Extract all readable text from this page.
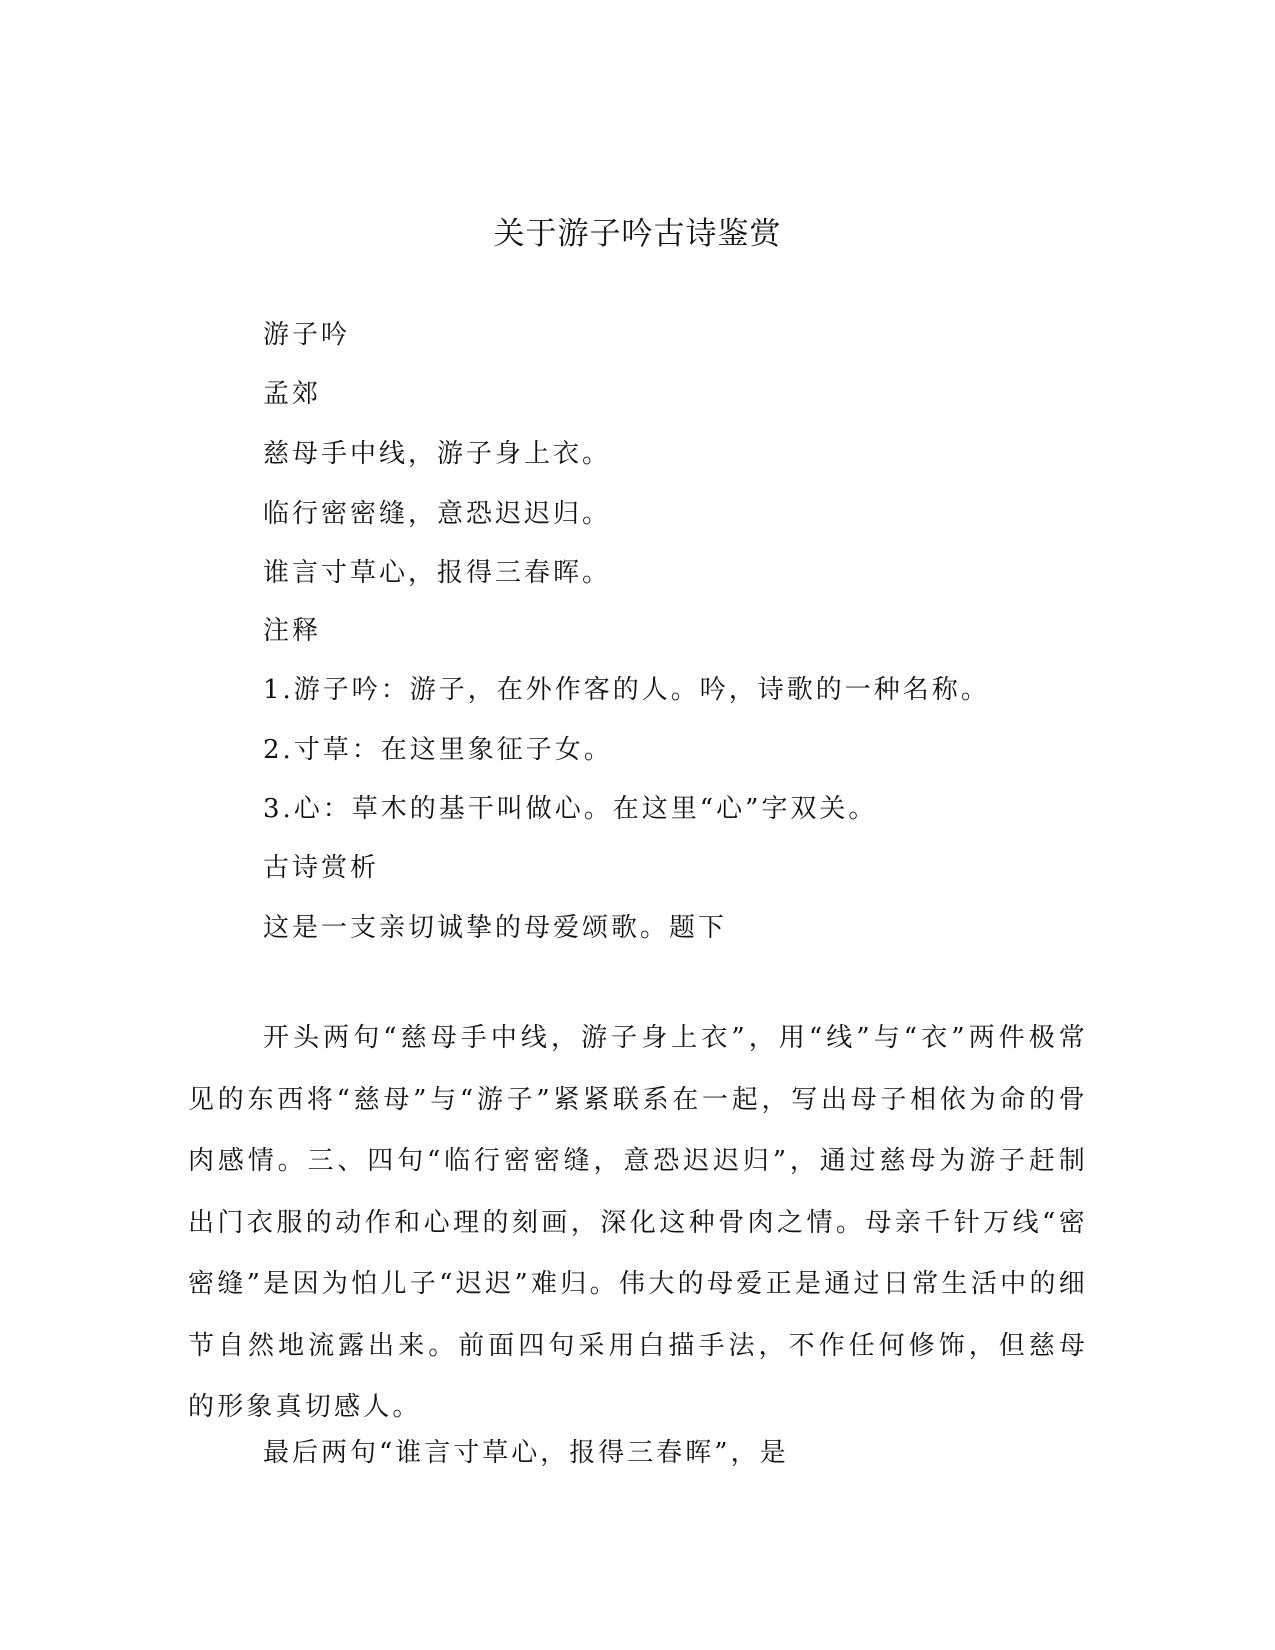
关于游子吟古诗鉴赏
游子吟
孟郊
慈母手中线，游子身上衣。
临行密密缝，意恐迟迟归。
谁言寸草心，报得三春晖。
注释
1.游子吟：游子，在外作客的人。吟，诗歌的一种名称。
2.寸草：在这里象征子女。
3.心：草木的基干叫做心。在这里“心”字双关。
古诗赏析
这是一支亲切诚挚的母爱颂歌。题下

开头两句“慈母手中线，游子身上衣”，用“线”与“衣”两件极常见的东西将“慈母”与“游子”紧紧联系在一起，写出母子相依为命的骨肉感情。三、四句“临行密密缝，意恐迟迟归”，通过慈母为游子赶制出门衣服的动作和心理的刻画，深化这种骨肉之情。母亲千针万线“密密缝”是因为怕儿子“迟迟”难归。伟大的母爱正是通过日常生活中的细节自然地流露出来。前面四句采用白描手法，不作任何修饰，但慈母的形象真切感人。

最后两句“谁言寸草心，报得三春晖”，是
